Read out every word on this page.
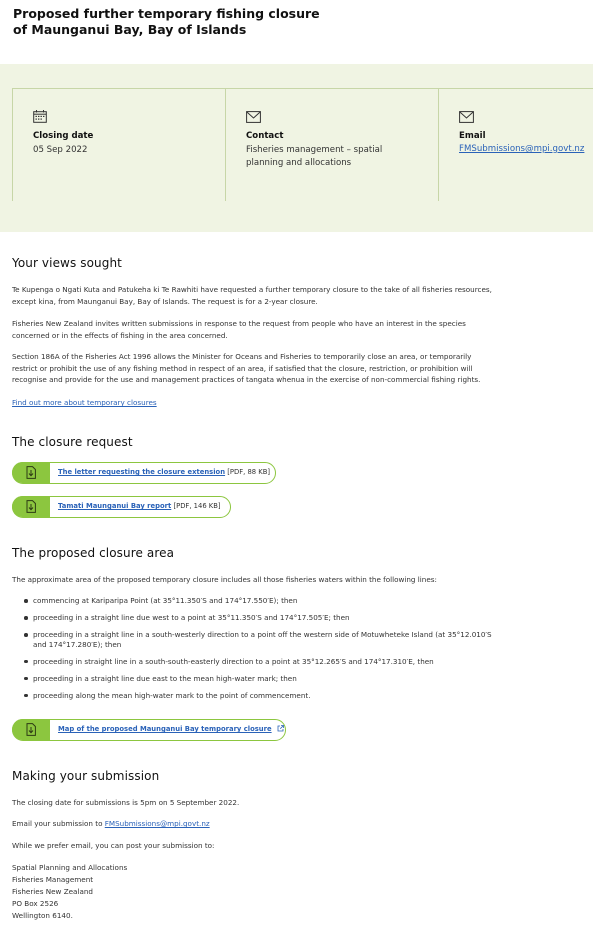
Proposed further temporary fishing closure of Maunganui Bay, Bay of Islands
Closing date
05 Sep 2022
Contact
Fisheries management – spatial planning and allocations
Email
FMSubmissions@mpi.govt.nz
Your views sought

Te Kupenga o Ngati Kuta and Patukeha ki Te Rawhiti have requested a further temporary closure to the take of all fisheries resources, except kina, from Maunganui Bay, Bay of Islands. The request is for a 2-year closure.

Fisheries New Zealand invites written submissions in response to the request from people who have an interest in the species concerned or in the effects of fishing in the area concerned.

Section 186A of the Fisheries Act 1996 allows the Minister for Oceans and Fisheries to temporarily close an area, or temporarily restrict or prohibit the use of any fishing method in respect of an area, if satisfied that the closure, restriction, or prohibition will recognise and provide for the use and management practices of tangata whenua in the exercise of non-commercial fishing rights.

Find out more about temporary closures

The closure request
The letter requesting the closure extension [PDF, 88 KB]
Tamati Maunganui Bay report [PDF, 146 KB]
The proposed closure area

The approximate area of the proposed temporary closure includes all those fisheries waters within the following lines:

commencing at Kariparipa Point (at 35°11.350′S and 174°17.550′E); then
proceeding in a straight line due west to a point at 35°11.350′S and 174°17.505′E; then
proceeding in a straight line in a south-westerly direction to a point off the western side of Motuwheteke Island (at 35°12.010′S and 174°17.280′E); then
proceeding in straight line in a south-south-easterly direction to a point at 35°12.265′S and 174°17.310′E, then
proceeding in a straight line due east to the mean high-water mark; then
proceeding along the mean high-water mark to the point of commencement.
Map of the proposed Maunganui Bay temporary closure
Making your submission

The closing date for submissions is 5pm on 5 September 2022.

Email your submission to FMSubmissions@mpi.govt.nz

While we prefer email, you can post your submission to:

Spatial Planning and Allocations
Fisheries Management
Fisheries New Zealand
PO Box 2526
Wellington 6140.
